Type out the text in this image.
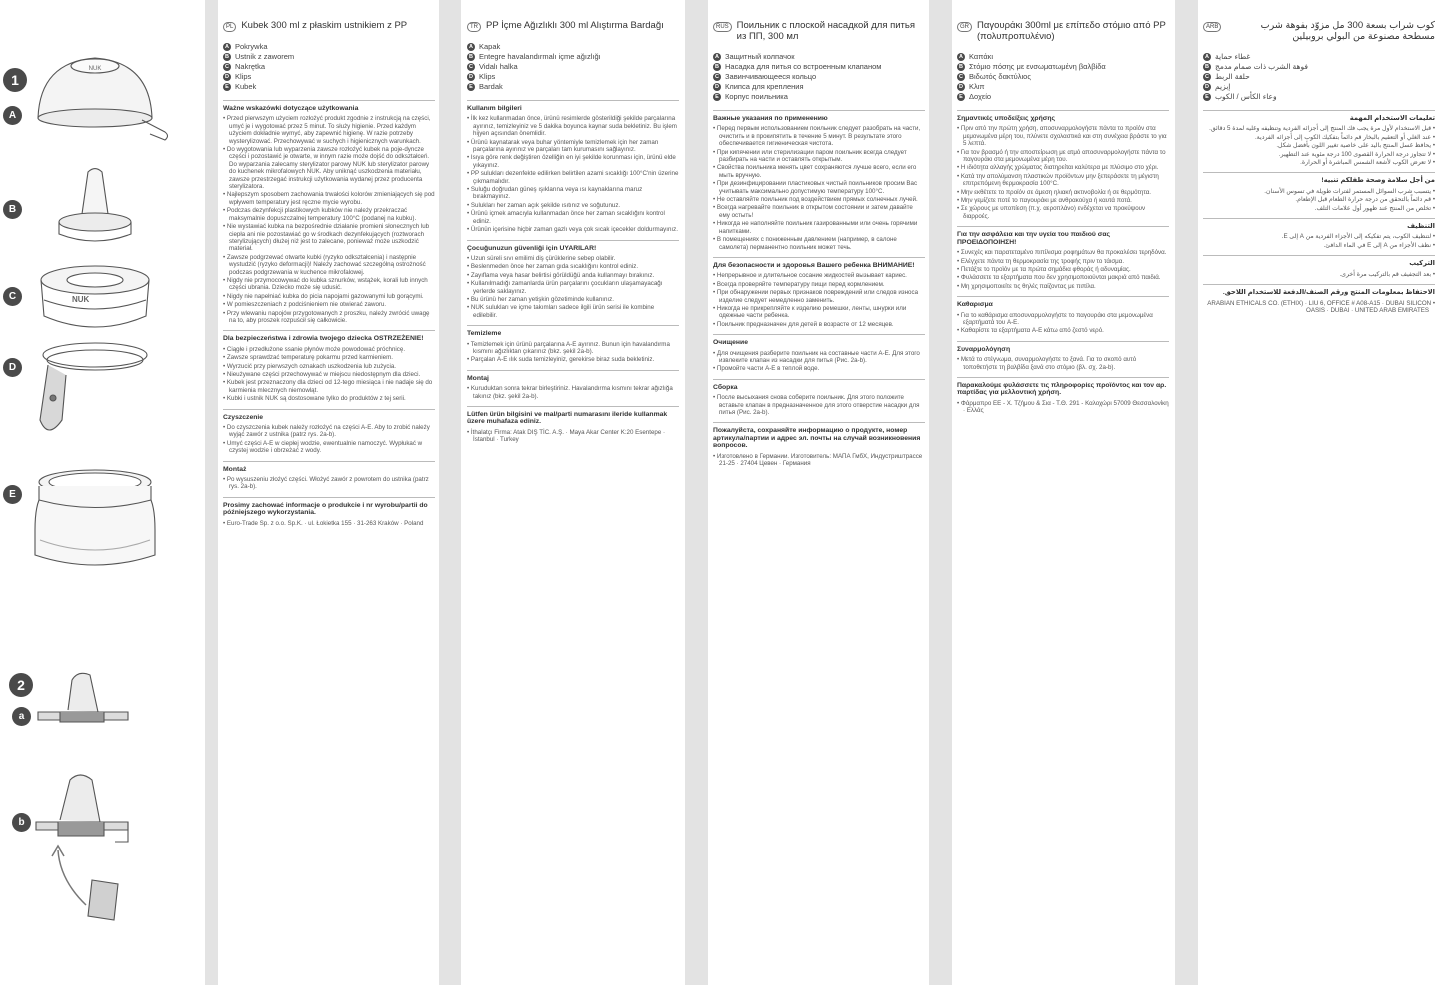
NUK
NUK
1
A
B
C
D
E
2
a
b
PL Kubek 300 ml z płaskim ustnikiem z PP
A Pokrywka
B Ustnik z zaworem
C Nakrętka
D Klips
E Kubek
Ważne wskazówki dotyczące użytkowania
• Przed pierwszym użyciem rozłożyć produkt zgodnie z instrukcją na części, umyć je i wygotować przez 5 minut. To służy higienie. Przed każdym użyciem dokładnie wymyć, aby zapewnić higienę. W razie potrzeby wysterylizować. Przechowywać w suchych i higienicznych warunkach.
• Do wygotowania lub wyparzenia zawsze rozłożyć kubek na poje-dyncze części i pozostawić je otwarte, w innym razie może dojść do odkształceń. Do wyparzania zalecamy sterylizator parowy NUK lub sterylizator parowy do kuchenek mikrofalowych NUK. Aby uniknąć uszkodzenia materiału, zawsze przestrzegać instrukcji użytkowania wydanej przez producenta sterylizatora.
• Najlepszym sposobem zachowania trwałości kolorów zmieniających się pod wpływem temperatury jest ręczne mycie wyrobu.
• Podczas dezynfekcji plastikowych kubków nie należy przekraczać maksymalnie dopuszczalnej temperatury 100°C (podanej na kubku).
• Nie wystawiać kubka na bezpośrednie działanie promieni słonecznych lub ciepła ani nie pozostawiać go w środkach dezynfekujących (roztworach sterylizujących) dłużej niż jest to zalecane, ponieważ może uszkodzić materiał.
• Zawsze podgrzewać otwarte kubki (ryzyko odkształcenia) i następnie wystudzić (ryzyko deformacji)! Należy zachować szczególną ostrożność podczas podgrzewania w kuchence mikrofalowej.
• Nigdy nie przymocowywać do kubka sznurków, wstążek, korali lub innych części ubrania. Dziecko może się udusić.
• Nigdy nie napełniać kubka do picia napojami gazowanymi lub gorącymi.
• W pomieszczeniach z podciśnieniem nie otwierać zaworu.
• Przy wlewaniu napojów przygotowanych z proszku, należy zwrócić uwagę na to, aby proszek rozpuścił się całkowicie.
Dla bezpieczeństwa i zdrowia twojego dziecka OSTRZEŻENIE!
• Ciągłe i przedłużone ssanie płynów może powodować próchnicę.
• Zawsze sprawdzać temperaturę pokarmu przed karmieniem.
• Wyrzucić przy pierwszych oznakach uszkodzenia lub zużycia.
• Nieużywane części przechowywać w miejscu niedostępnym dla dzieci.
• Kubek jest przeznaczony dla dzieci od 12-tego miesiąca i nie nadaje się do karmienia mlecznych niemowląt.
• Kubki i ustnik NUK są dostosowane tylko do produktów z tej serii.
Czyszczenie
• Do czyszczenia kubek należy rozłożyć na części A-E. Aby to zrobić należy wyjąć zawór z ustnika (patrz rys. 2a-b).
• Umyć części A-E w ciepłej wodzie, ewentualnie namoczyć. Wypłukać w czystej wodzie i obrzeżać z wody.
Montaż
• Po wysuszeniu złożyć części. Włożyć zawór z powrotem do ustnika (patrz rys. 2a-b).
Prosimy zachować informacje o produkcie i nr wyrobu/partii do późniejszego wykorzystania.
• Euro-Trade Sp. z o.o. Sp.K. · ul. Łokietka 155 · 31-263 Kraków · Poland
TR PP İçme Ağızlıklı 300 ml Alıştırma Bardağı
A Kapak
B Entegre havalandırmalı içme ağızlığı
C Vidalı halka
D Klips
E Bardak
Kullanım bilgileri
• İlk kez kullanmadan önce, ürünü resimlerde gösterildiği şekilde parçalarına ayırınız, temizleyiniz ve 5 dakika boyunca kaynar suda bekletiniz. Bu işlem hijyen açısından önemlidir.
• Ürünü kaynatarak veya buhar yöntemiyle temizlemek için her zaman parçalarına ayırınız ve parçaları tam kurumasını sağlayınız.
• Isıya göre renk değiştiren özelliğin en iyi şekilde korunması için, ürünü elde yıkayınız.
• PP sulukları dezenfekte edilirken belirtilen azami sıcaklığı 100°C'nin üzerine çıkmamalıdır.
• Suluğu doğrudan güneş ışıklarına veya ısı kaynaklarına maruz bırakmayınız.
• Sulukları her zaman açık şekilde ısıtınız ve soğutunuz.
• Ürünü içmek amacıyla kullanmadan önce her zaman sıcaklığını kontrol ediniz.
• Ürünün içerisine hiçbir zaman gazlı veya çok sıcak içecekler doldurmayınız.
Çocuğunuzun güvenliği için UYARILAR!
• Uzun süreli sıvı emilimi diş çürüklerine sebep olabilir.
• Beslenmeden önce her zaman gıda sıcaklığını kontrol ediniz.
• Zayıflama veya hasar belirtisi görüldüğü anda kullanmayı bırakınız.
• Kullanılmadığı zamanlarda ürün parçalarını çocukların ulaşamayacağı yerlerde saklayınız.
• Bu ürünü her zaman yetişkin gözetiminde kullanınız.
• NUK sulukları ve içme takımları sadece ilgili ürün serisi ile kombine edilebilir.
Temizleme
• Temizlemek için ürünü parçalarına A-E ayırınız. Bunun için havalandırma kısmını ağızlıktan çıkarınız (bkz. şekil 2a-b).
• Parçaları A-E ılık suda temizleyiniz, gerekirse biraz suda bekletiniz.
Montaj
• Kuruduktan sonra tekrar birleştiriniz. Havalandırma kısmını tekrar ağızlığa takınız (bkz. şekil 2a-b).
Lütfen ürün bilgisini ve mal/parti numarasını ileride kullanmak üzere muhafaza ediniz.
• İthalatçı Firma: Atak DIŞ TİC. A.Ş. · Maya Akar Center K:20 Esentepe · İstanbul · Turkey
RUS Поильник с плоской насадкой для питья из ПП, 300 мл
A Защитный колпачок
B Насадка для питья со встроенным клапаном
C Завинчивающееся кольцо
D Клипса для крепления
E Корпус поильника
Важные указания по применению
• Перед первым использованием поильник следует разобрать на части, очистить и в прокипятить в течение 5 минут. В результате этого обеспечивается гигиеническая чистота.
• При кипячении или стерилизации паром поильник всегда следует разбирать на части и оставлять открытым.
• Свойства поильника менять цвет сохраняются лучше всего, если его мыть вручную.
• При дезинфицировании пластиковых чистый поильников просим Вас учитывать максимально допустимую температуру 100°C.
• Не оставляйте поильник под воздействием прямых солнечных лучей.
• Всегда нагревайте поильник в открытом состоянии и затем давайте ему остыть!
• Никогда не наполняйте поильник газированными или очень горячими напитками.
• В помещениях с пониженным давлением (например, в салоне самолета) перманентно поильник может течь.
Для безопасности и здоровья Вашего ребенка ВНИМАНИЕ!
• Непрерывное и длительное сосание жидкостей вызывает кариес.
• Всегда проверяйте температуру пищи перед кормлением.
• При обнаружении первых признаков повреждений или следов износа изделие следует немедленно заменить.
• Никогда не прикрепляйте к изделию ремешки, ленты, шнурки или одежные части ребенка.
• Поильник предназначен для детей в возрасте от 12 месяцев.
Очищение
• Для очищения разберите поильник на составные части A-E. Для этого извлеките клапан из насадки для питья (Рис. 2a-b).
• Промойте части A-E в теплой воде.
Сборка
• После высыхания снова соберите поильник. Для этого положите вставьте клапан в предназначенное для этого отверстие насадки для питья (Рис. 2a-b).
Пожалуйста, сохраняйте информацию о продукте, номер артикула/партии и адрес эл. почты на случай возникновения вопросов.
• Изготовлено в Германии. Изготовитель: МАПА ГмбХ, Индустриштрассе 21-25 · 27404 Цевен · Германия
GR Παγουράκι 300ml με επίπεδο στόμιο από PP (πολυπροπυλένιο)
A Καπάκι
B Στόμιο πόσης με ενσωματωμένη βαλβίδα
C Βιδωτός δακτύλιος
D Κλιπ
E Δοχείο
Σημαντικές υποδείξεις χρήσης
• Πριν από την πρώτη χρήση, αποσυναρμολογήστε πάντα το προϊόν στα μεμονωμένα μέρη του, πλύνετε σχολαστικά και στη συνέχεια βράστε το για 5 λεπτά.
• Για τον βρασμό ή την αποστείρωση με ατμό αποσυναρμολογήστε πάντα το παγουράκι στα μεμονωμένα μέρη του.
• Η ιδιότητα αλλαγής χρώματος διατηρείται καλύτερα με πλύσιμο στο χέρι.
• Κατά την απολύμανση πλαστικών προϊόντων μην ξεπεράσετε τη μέγιστη επιτρεπόμενη θερμοκρασία 100°C.
• Μην εκθέτετε το προϊόν σε άμεση ηλιακή ακτινοβολία ή σε θερμότητα.
• Μην γεμίζετε ποτέ το παγουράκι με ανθρακούχα ή καυτά ποτά.
• Σε χώρους με υποπίεση (π.χ. αεροπλάνο) ενδέχεται να προκύψουν διαρροές.
Για την ασφάλεια και την υγεία του παιδιού σας ΠΡΟΕΙΔΟΠΟΙΗΣΗ!
• Συνεχές και παρατεταμένο πιπίλισμα ροφημάτων θα προκαλέσει τερηδόνα.
• Ελέγχετε πάντα τη θερμοκρασία της τροφής πριν το τάισμα.
• Πετάξτε το προϊόν με τα πρώτα σημάδια φθοράς ή αδυναμίας.
• Φυλάσσετε τα εξαρτήματα που δεν χρησιμοποιούνται μακριά από παιδιά.
• Μη χρησιμοποιείτε τις θηλές παίζοντας με πιπίλα.
Καθαρισμα
• Για το καθάρισμα αποσυναρμολογήστε το παγουράκι στα μεμονωμένα εξαρτήματά του A-E.
• Καθαρίστε τα εξαρτήματα A-E κάτω από ζεστό νερό.
Συναρμολόγηση
• Μετά το στέγνωμα, συναρμολογήστε το ξανά. Για το σκοπό αυτό τοποθετήστε τη βαλβίδα ξανά στο στόμιο (βλ. σχ. 2a-b).
Παρακαλούμε φυλάσσετε τις πληροφορίες προϊόντος και τον αρ. παρτίδας για μελλοντική χρήση.
• Φάρμαπρο ΕΕ - Χ. Τζήμου & Σια - Τ.Θ. 291 - Καλοχώρι 57009 Θεσσαλονίκη · Ελλάς
ARB	كوب شراب بسعة 300 مل مزوّد بفوهة شرب مسطحة مصنوعة من البولي بروبيلين
A غطاء حماية
B فوهة الشرب ذات صمام مدمج
C حلقة الربط
D إبزيم
E وعاء الكأس / الكوب
تعليمات الاستخدام المهمة
• قبل الاستخدام لأول مرة يجب فك المنتج إلى أجزائه الفردية وتنظيفه وغليه لمدة 5 دقائق.
• عند الغلي أو التعقيم بالبخار قم دائماً بتفكيك الكوب إلى أجزائه الفردية.
• يحافظ غسل المنتج باليد على خاصية تغيير اللون بأفضل شكل.
• لا تتجاوز درجة الحرارة القصوى 100 درجة مئوية عند التطهير.
• لا تعرض الكوب لأشعة الشمس المباشرة أو الحرارة.
من أجل سلامة وصحة طفلكم تنبيه!
• يتسبب شرب السوائل المستمر لفترات طويلة في تسوس الأسنان.
• قم دائماً بالتحقق من درجة حرارة الطعام قبل الإطعام.
• تخلص من المنتج عند ظهور أول علامات التلف.
التنظيف
• لتنظيف الكوب، يتم تفكيكه إلى الأجزاء الفردية من A إلى E.
• نظف الأجزاء من A إلى E في الماء الدافئ.
التركيب
• بعد التجفيف قم بالتركيب مرة أخرى.
الاحتفاظ بمعلومات المنتج ورقم الصنف/الدفعة للاستخدام اللاحق.
• ARABIAN ETHICALS CO. (ETHIX) · LIU 6, OFFICE # A08-A15 · DUBAI SILICON OASIS · DUBAI · UNITED ARAB EMIRATES
